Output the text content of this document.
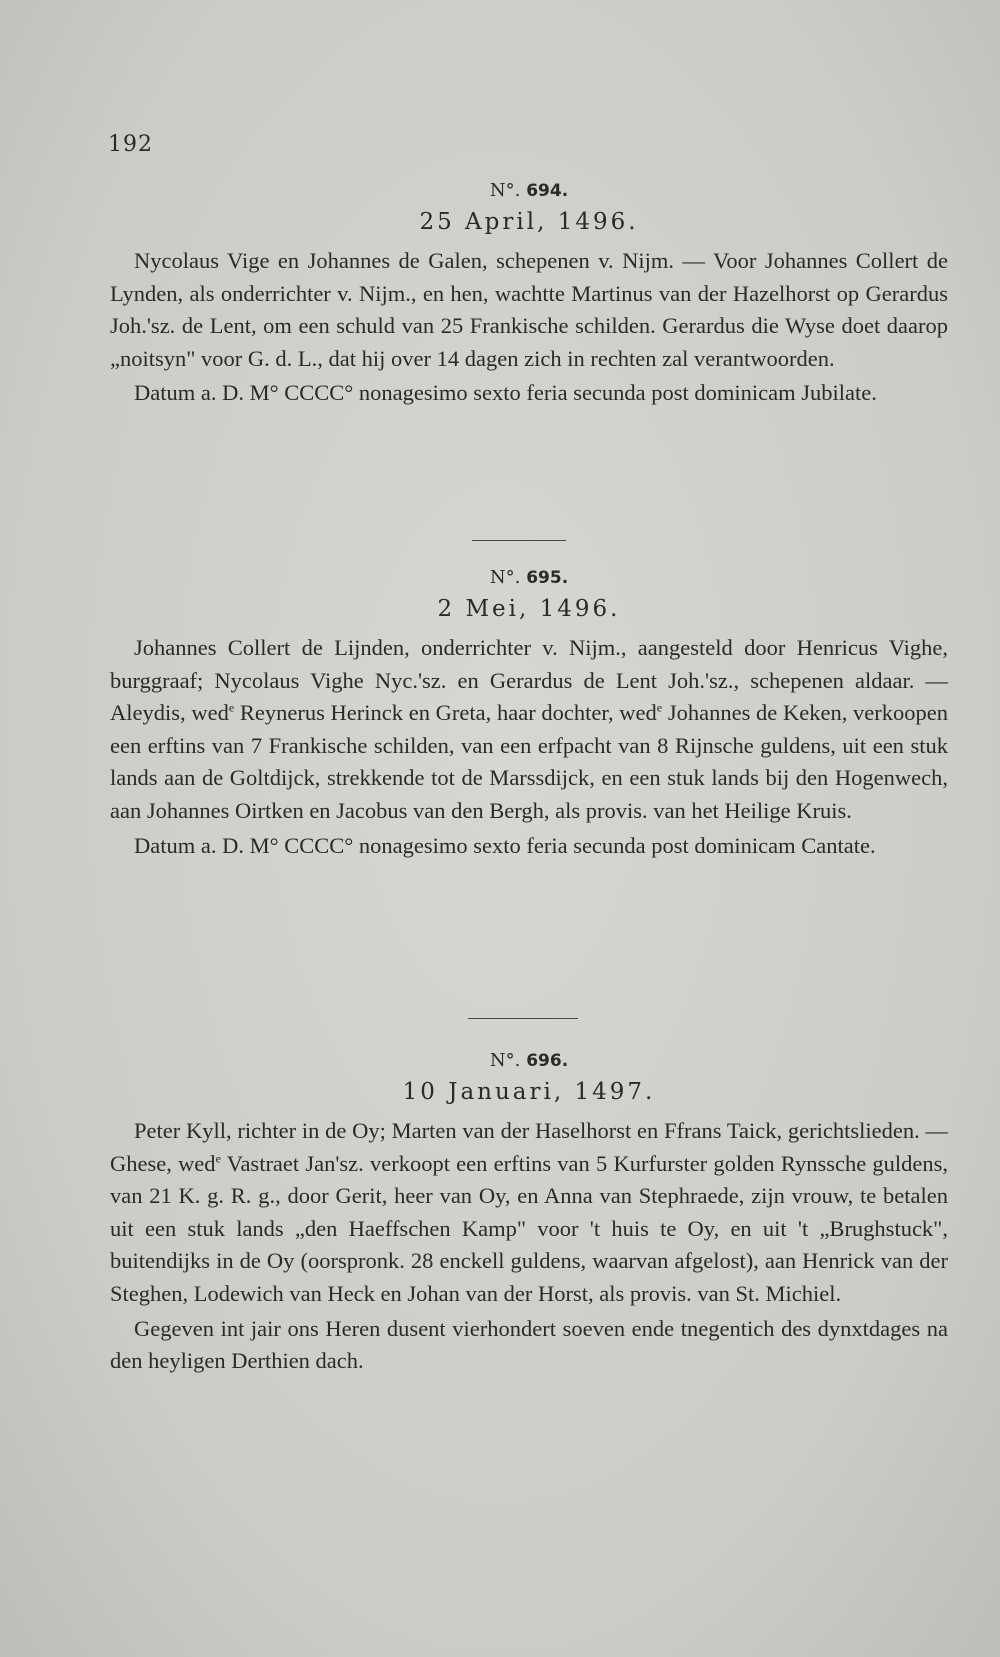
192
N°. 694.
25 April, 1496.

Nycolaus Vige en Johannes de Galen, schepenen v. Nijm. — Voor Johannes Collert de Lynden, als onderrichter v. Nijm., en hen, wachtte Martinus van der Hazelhorst op Gerardus Joh.'sz. de Lent, om een schuld van 25 Frankische schilden. Gerardus die Wyse doet daarop „noitsyn" voor G. d. L., dat hij over 14 dagen zich in rechten zal verantwoorden.

Datum a. D. M° CCCC° nonagesimo sexto feria secunda post dominicam Jubilate.

N°. 695.
2 Mei, 1496.

Johannes Collert de Lijnden, onderrichter v. Nijm., aangesteld door Henricus Vighe, burggraaf; Nycolaus Vighe Nyc.'sz. en Gerardus de Lent Joh.'sz., schepenen aldaar. — Aleydis, wed$^e$ Reynerus Herinck en Greta, haar dochter, wed$^e$ Johannes de Keken, verkoopen een erftins van 7 Frankische schilden, van een erfpacht van 8 Rijnsche guldens, uit een stuk lands aan de Goltdijck, strekkende tot de Marssdijck, en een stuk lands bij den Hogenwech, aan Johannes Oirtken en Jacobus van den Bergh, als provis. van het Heilige Kruis.

Datum a. D. M° CCCC° nonagesimo sexto feria secunda post dominicam Cantate.

N°. 696.
10 Januari, 1497.

Peter Kyll, richter in de Oy; Marten van der Haselhorst en Ffrans Taick, gerichtslieden. — Ghese, wed$^e$ Vastraet Jan'sz. verkoopt een erftins van 5 Kurfurster golden Rynssche guldens, van 21 K. g. R. g., door Gerit, heer van Oy, en Anna van Stephraede, zijn vrouw, te betalen uit een stuk lands „den Haeffschen Kamp" voor 't huis te Oy, en uit 't „Brughstuck", buitendijks in de Oy (oorspronk. 28 enckell guldens, waarvan afgelost), aan Henrick van der Steghen, Lodewich van Heck en Johan van der Horst, als provis. van St. Michiel.

Gegeven int jair ons Heren dusent vierhondert soeven ende tnegentich des dynxtdages na den heyligen Derthien dach.
